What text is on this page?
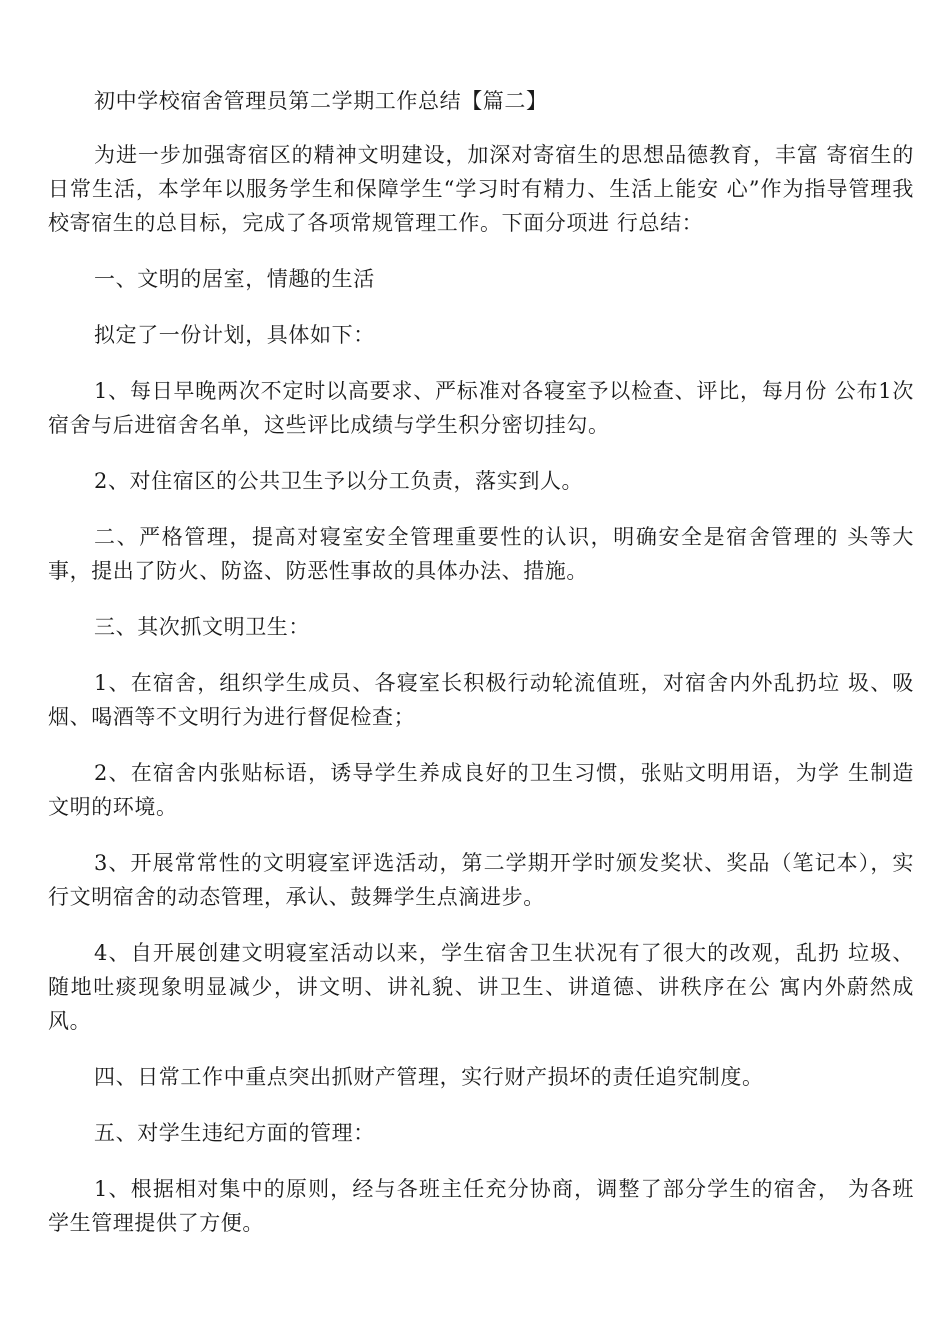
初中学校宿舍管理员第二学期工作总结【篇二】

为进一步加强寄宿区的精神文明建设，加深对寄宿生的思想品德教育，丰富 寄宿生的日常生活，本学年以服务学生和保障学生“学习时有精力、生活上能安 心”作为指导管理我校寄宿生的总目标，完成了各项常规管理工作。下面分项进 行总结：

一、文明的居室，情趣的生活

拟定了一份计划，具体如下：

1、每日早晚两次不定时以高要求、严标准对各寝室予以检查、评比，每月份 公布1次宿舍与后进宿舍名单，这些评比成绩与学生积分密切挂勾。

2、对住宿区的公共卫生予以分工负责，落实到人。

二、严格管理，提高对寝室安全管理重要性的认识，明确安全是宿舍管理的 头等大事，提出了防火、防盗、防恶性事故的具体办法、措施。

三、其次抓文明卫生：

1、在宿舍，组织学生成员、各寝室长积极行动轮流值班，对宿舍内外乱扔垃 圾、吸烟、喝酒等不文明行为进行督促检查；

2、在宿舍内张贴标语，诱导学生养成良好的卫生习惯，张贴文明用语，为学 生制造文明的环境。

3、开展常常性的文明寝室评选活动，第二学期开学时颁发奖状、奖品（笔记本），实行文明宿舍的动态管理，承认、鼓舞学生点滴进步。

4、自开展创建文明寝室活动以来，学生宿舍卫生状况有了很大的改观，乱扔 垃圾、随地吐痰现象明显减少，讲文明、讲礼貌、讲卫生、讲道德、讲秩序在公 寓内外蔚然成风。

四、日常工作中重点突出抓财产管理，实行财产损坏的责任追究制度。

五、对学生违纪方面的管理：

1、根据相对集中的原则，经与各班主任充分协商，调整了部分学生的宿舍， 为各班学生管理提供了方便。
